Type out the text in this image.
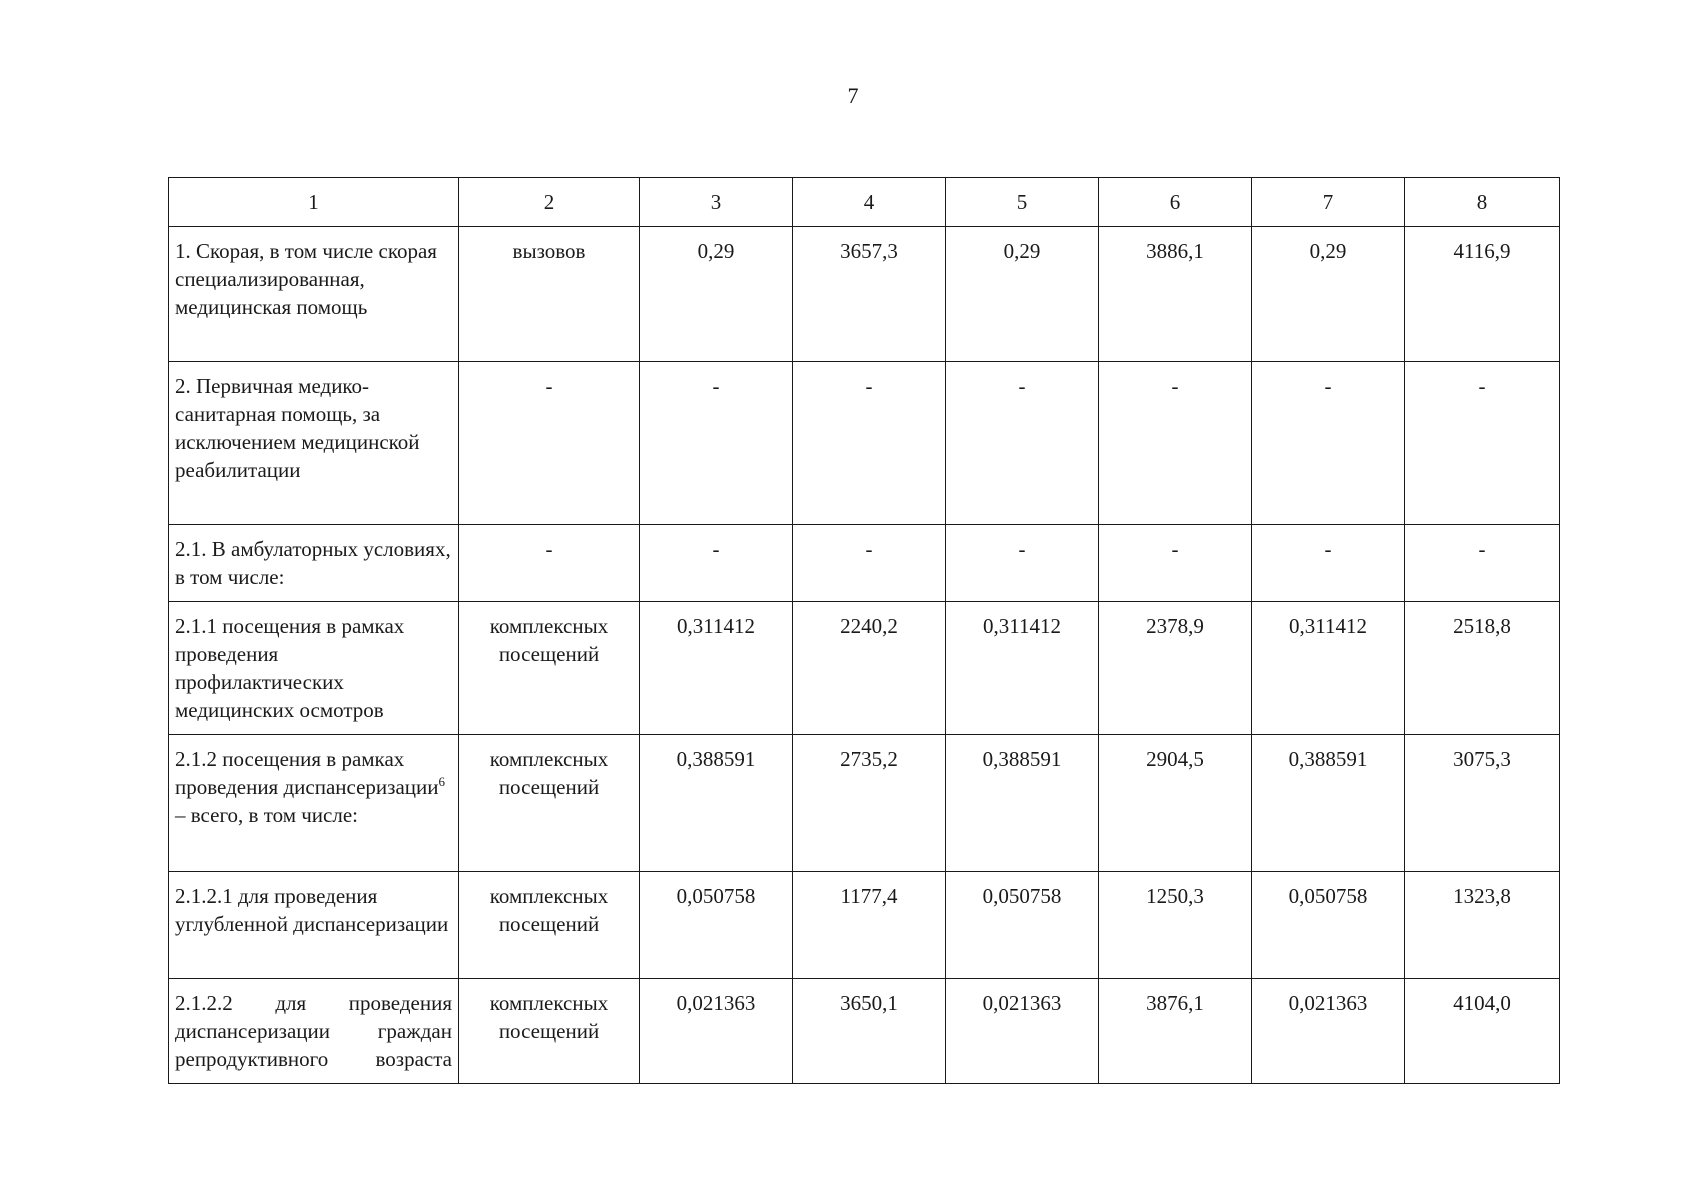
7
1	2	3	4	5	6	7	8
1. Скорая, в том числе скорая специализированная, медицинская помощь	вызовов	0,29	3657,3	0,29	3886,1	0,29	4116,9
2. Первичная медико-санитарная помощь, за исключением медицинской реабилитации	-	-	-	-	-	-	-
2.1. В амбулаторных условиях, в том числе:	-	-	-	-	-	-	-
2.1.1 посещения в рамках проведения профилактических медицинских осмотров	комплексных посещений	0,311412	2240,2	0,311412	2378,9	0,311412	2518,8
2.1.2 посещения в рамках проведения диспансеризации$^6$ – всего, в том числе:	комплексных посещений	0,388591	2735,2	0,388591	2904,5	0,388591	3075,3
2.1.2.1 для проведения углубленной диспансеризации	комплексных посещений	0,050758	1177,4	0,050758	1250,3	0,050758	1323,8
2.1.2.2 для проведения диспансеризации граждан репродуктивного возраста	комплексных посещений	0,021363	3650,1	0,021363	3876,1	0,021363	4104,0
